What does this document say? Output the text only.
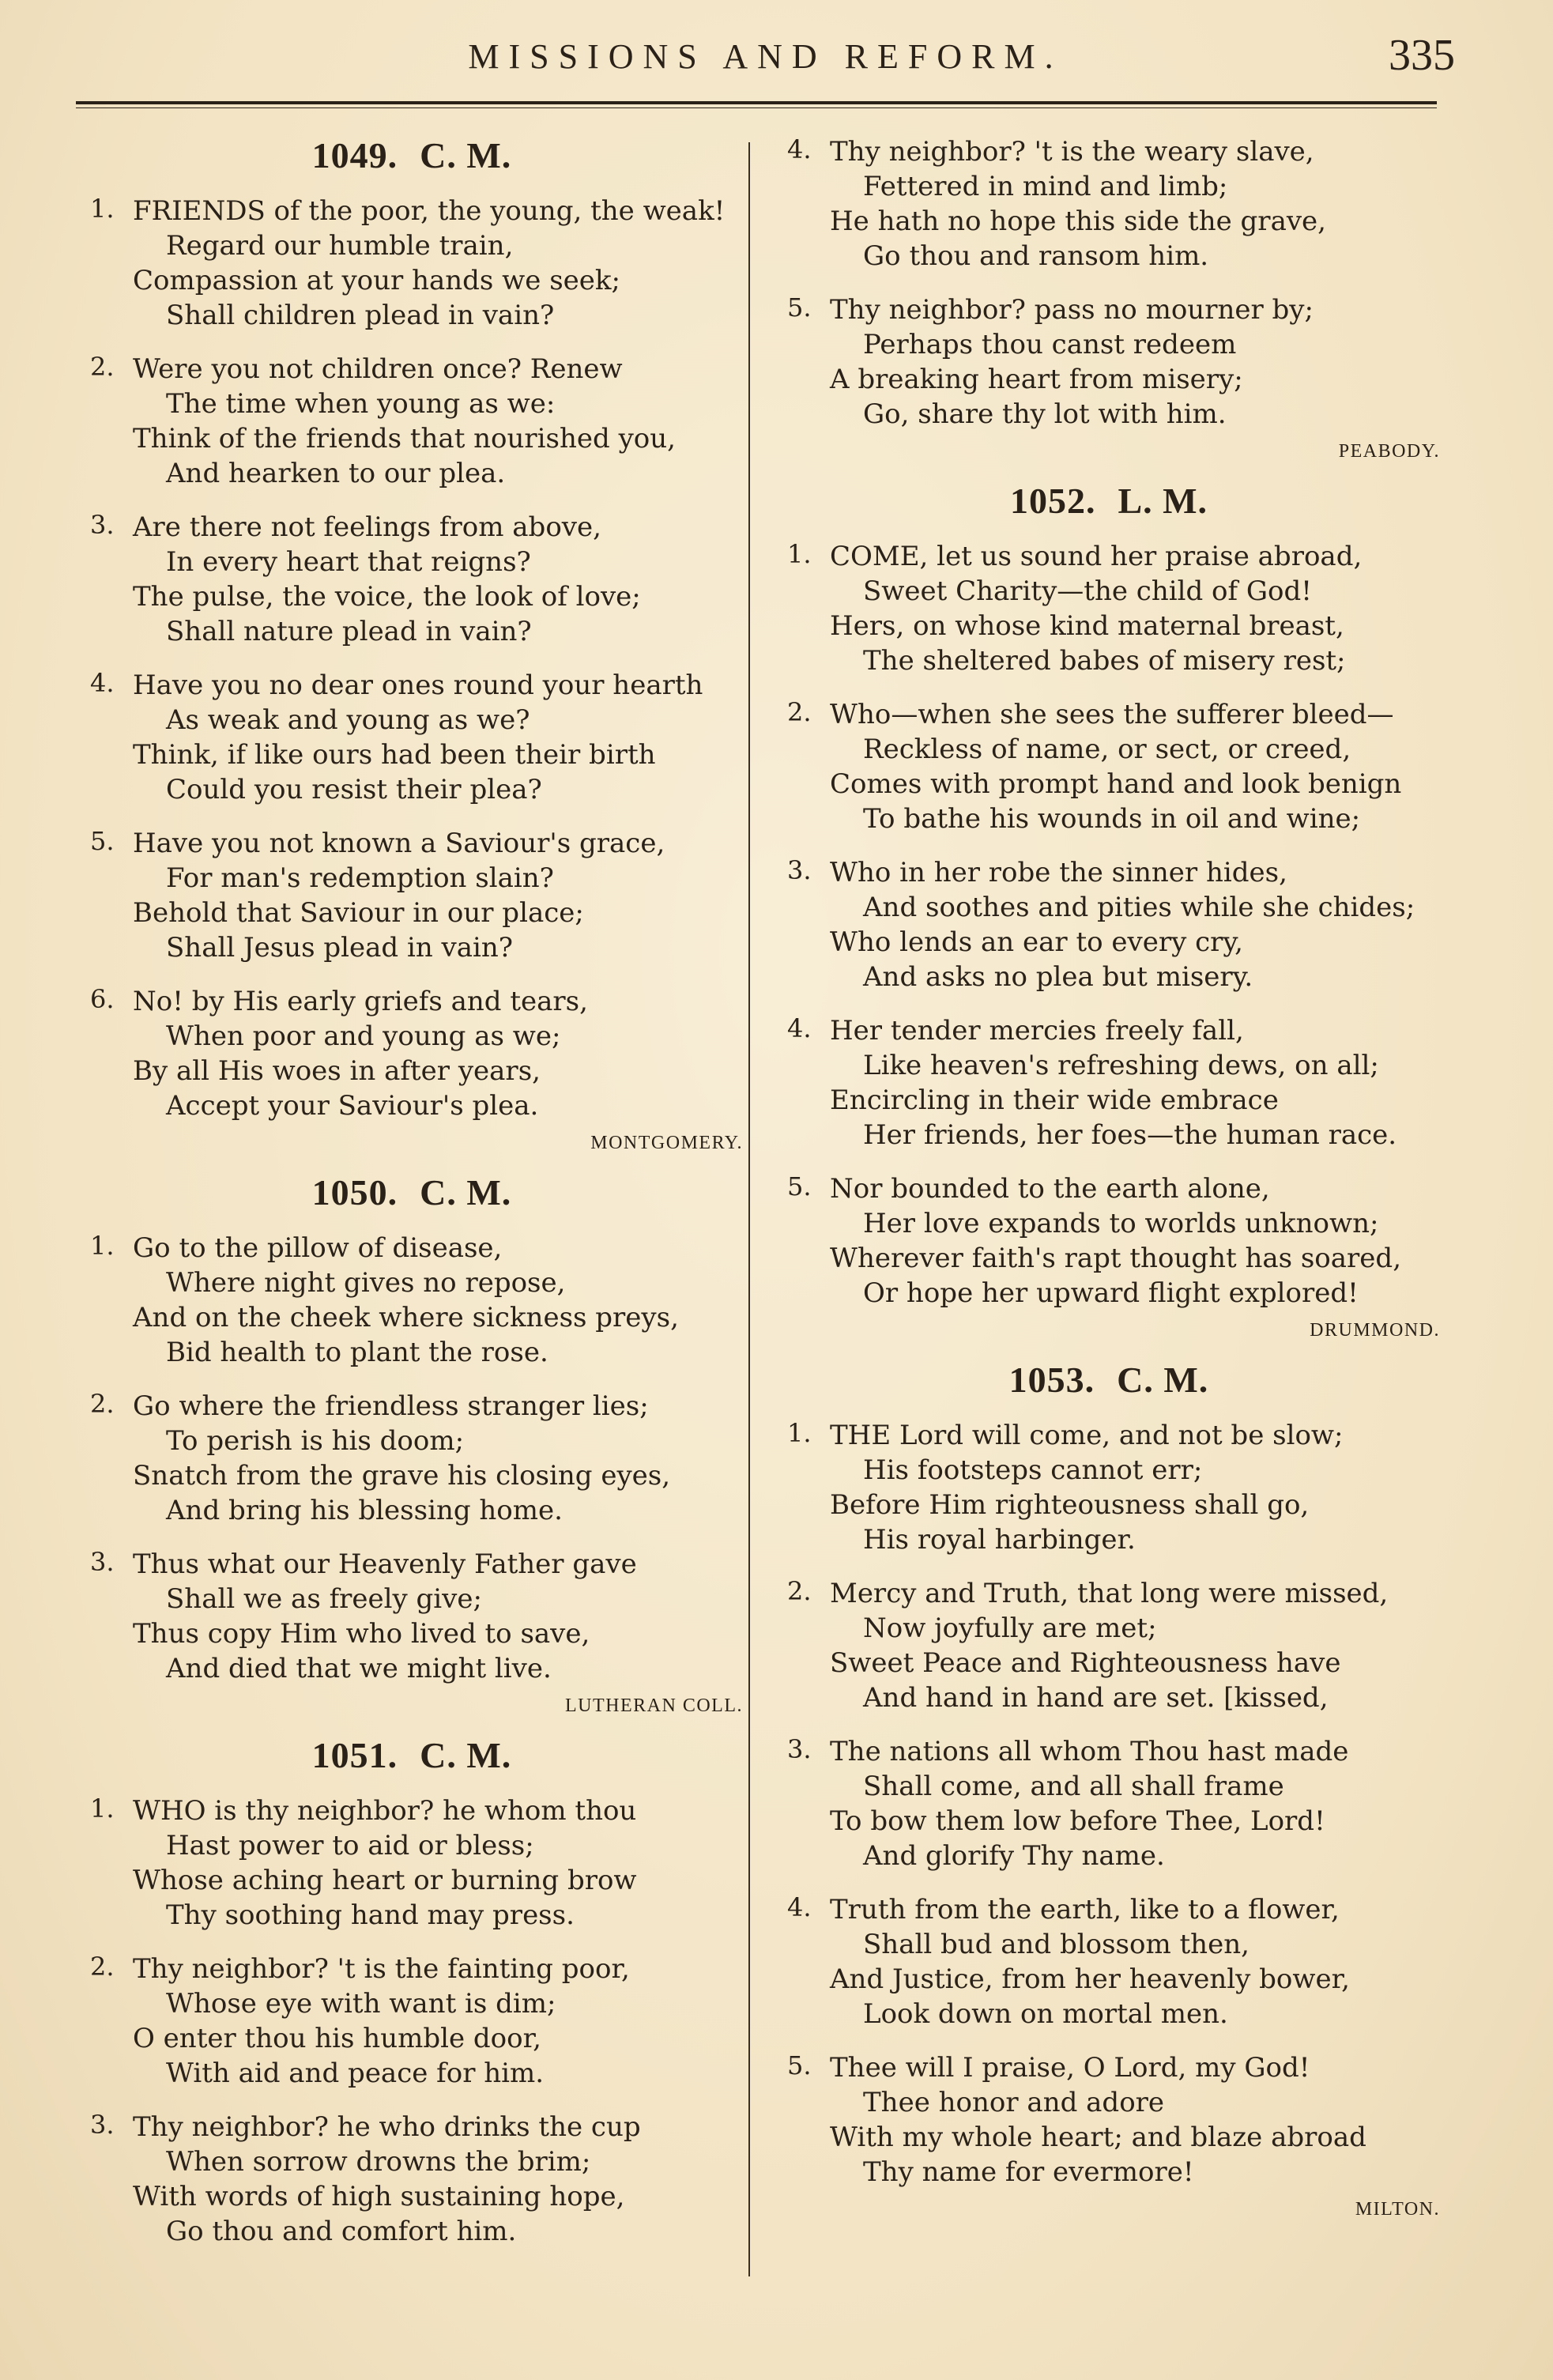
MISSIONS AND REFORM.	335
1049. C. M.
1. FRIENDS of the poor, the young, the weak!
Regard our humble train,
Compassion at your hands we seek;
Shall children plead in vain?
2. Were you not children once? Renew
The time when young as we:
Think of the friends that nourished you,
And hearken to our plea.
3. Are there not feelings from above,
In every heart that reigns?
The pulse, the voice, the look of love;
Shall nature plead in vain?
4. Have you no dear ones round your hearth
As weak and young as we?
Think, if like ours had been their birth
Could you resist their plea?
5. Have you not known a Saviour's grace,
For man's redemption slain?
Behold that Saviour in our place;
Shall Jesus plead in vain?
6. No! by His early griefs and tears,
When poor and young as we;
By all His woes in after years,
Accept your Saviour's plea.
MONTGOMERY.
1050. C. M.
1. Go to the pillow of disease,
Where night gives no repose,
And on the cheek where sickness preys,
Bid health to plant the rose.
2. Go where the friendless stranger lies;
To perish is his doom;
Snatch from the grave his closing eyes,
And bring his blessing home.
3. Thus what our Heavenly Father gave
Shall we as freely give;
Thus copy Him who lived to save,
And died that we might live.
LUTHERAN COLL.
1051. C. M.
1. WHO is thy neighbor? he whom thou
Hast power to aid or bless;
Whose aching heart or burning brow
Thy soothing hand may press.
2. Thy neighbor? 't is the fainting poor,
Whose eye with want is dim;
O enter thou his humble door,
With aid and peace for him.
3. Thy neighbor? he who drinks the cup
When sorrow drowns the brim;
With words of high sustaining hope,
Go thou and comfort him.
4. Thy neighbor? 't is the weary slave,
Fettered in mind and limb;
He hath no hope this side the grave,
Go thou and ransom him.
5. Thy neighbor? pass no mourner by;
Perhaps thou canst redeem
A breaking heart from misery;
Go, share thy lot with him.
PEABODY.
1052. L. M.
1. COME, let us sound her praise abroad,
Sweet Charity—the child of God!
Hers, on whose kind maternal breast,
The sheltered babes of misery rest;
2. Who—when she sees the sufferer bleed—
Reckless of name, or sect, or creed,
Comes with prompt hand and look benign
To bathe his wounds in oil and wine;
3. Who in her robe the sinner hides,
And soothes and pities while she chides;
Who lends an ear to every cry,
And asks no plea but misery.
4. Her tender mercies freely fall,
Like heaven's refreshing dews, on all;
Encircling in their wide embrace
Her friends, her foes—the human race.
5. Nor bounded to the earth alone,
Her love expands to worlds unknown;
Wherever faith's rapt thought has soared,
Or hope her upward flight explored!
DRUMMOND.
1053. C. M.
1. THE Lord will come, and not be slow;
His footsteps cannot err;
Before Him righteousness shall go,
His royal harbinger.
2. Mercy and Truth, that long were missed,
Now joyfully are met;
Sweet Peace and Righteousness have
And hand in hand are set. [kissed,
3. The nations all whom Thou hast made
Shall come, and all shall frame
To bow them low before Thee, Lord!
And glorify Thy name.
4. Truth from the earth, like to a flower,
Shall bud and blossom then,
And Justice, from her heavenly bower,
Look down on mortal men.
5. Thee will I praise, O Lord, my God!
Thee honor and adore
With my whole heart; and blaze abroad
Thy name for evermore!
MILTON.
